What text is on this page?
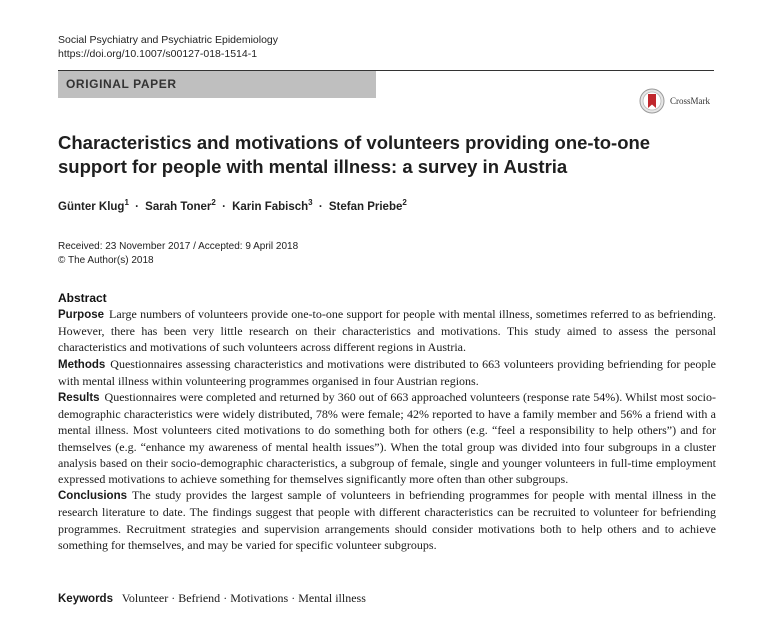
Social Psychiatry and Psychiatric Epidemiology
https://doi.org/10.1007/s00127-018-1514-1
ORIGINAL PAPER
CrossMark
Characteristics and motivations of volunteers providing one-to-one support for people with mental illness: a survey in Austria
Günter Klug$^1$ · Sarah Toner$^2$ · Karin Fabisch$^3$ · Stefan Priebe$^2$
Received: 23 November 2017 / Accepted: 9 April 2018
© The Author(s) 2018
Abstract

Purpose Large numbers of volunteers provide one-to-one support for people with mental illness, sometimes referred to as befriending. However, there has been very little research on their characteristics and motivations. This study aimed to assess the personal characteristics and motivations of such volunteers across different regions in Austria.

Methods Questionnaires assessing characteristics and motivations were distributed to 663 volunteers providing befriending for people with mental illness within volunteering programmes organised in four Austrian regions.

Results Questionnaires were completed and returned by 360 out of 663 approached volunteers (response rate 54%). Whilst most socio-demographic characteristics were widely distributed, 78% were female; 42% reported to have a family member and 56% a friend with a mental illness. Most volunteers cited motivations to do something both for others (e.g. “feel a responsibility to help others”) and for themselves (e.g. “enhance my awareness of mental health issues”). When the total group was divided into four subgroups in a cluster analysis based on their socio-demographic characteristics, a subgroup of female, single and younger volunteers in full-time employment expressed motivations to achieve something for themselves significantly more often than other subgroups.

Conclusions The study provides the largest sample of volunteers in befriending programmes for people with mental illness in the research literature to date. The findings suggest that people with different characteristics can be recruited to volunteer for befriending programmes. Recruitment strategies and supervision arrangements should consider motivations both to help others and to achieve something for themselves, and may be varied for specific volunteer subgroups.

Keywords Volunteer · Befriend · Motivations · Mental illness
